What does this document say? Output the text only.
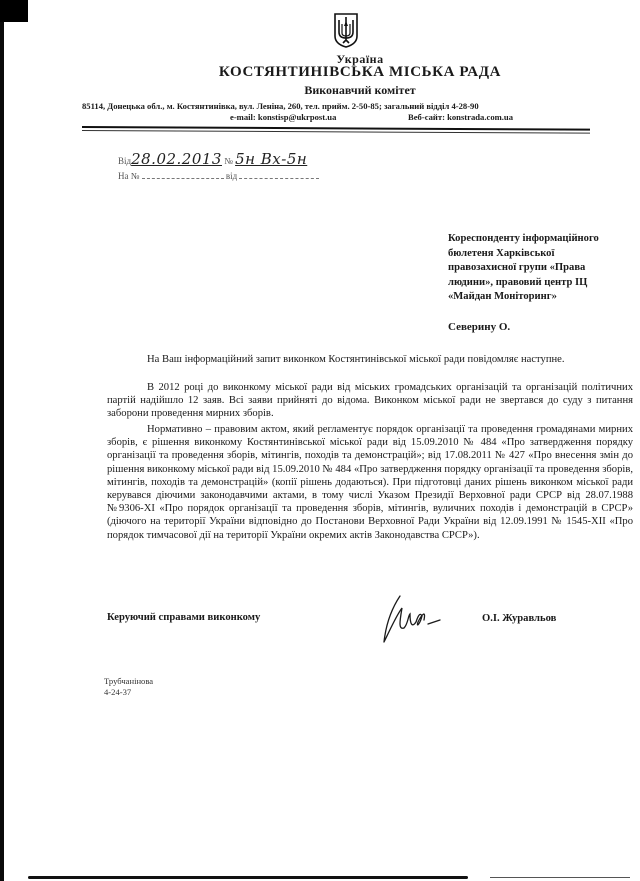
Україна
КОСТЯНТИНІВСЬКА МІСЬКА РАДА
Виконавчий комітет
85114, Донецька обл., м. Костянтинівка, вул. Леніна, 260, тел. прийм. 2-50-85; загальний відділ 4-28-90
e-mail: konstisp@ukrpost.ua	Веб-сайт: konstrada.com.ua
Від28.02.2013 № 5н Вх-5н
На №	від
Кореспонденту інформаційного
бюлетеня Харківської
правозахисної групи «Права
людини», правовий центр ІЦ
«Майдан Моніторинг»
Северину О.

На Ваш інформаційний запит виконком Костянтинівської міської ради повідомляє наступне.

В 2012 році до виконкому міської ради від міських громадських організацій та організацій політичних партій надійшло 12 заяв. Всі заяви прийняті до відома. Виконком міської ради не звертався до суду з питання заборони проведення мирних зборів.

Нормативно – правовим актом, який регламентує порядок організації та проведення громадянами мирних зборів, є рішення виконкому Костянтинівської міської ради від 15.09.2010 № 484 «Про затвердження порядку організації та проведення зборів, мітингів, походів та демонстрацій»; від 17.08.2011 № 427 «Про внесення змін до рішення виконкому міської ради від 15.09.2010 № 484 «Про затвердження порядку організації та проведення зборів, мітингів, походів та демонстрацій» (копії рішень додаються). При підготовці даних рішень виконком міської ради керувався діючими законодавчими актами, в тому числі Указом Президії Верховної ради СРСР від 28.07.1988 №9306-XI «Про порядок організації та проведення зборів, мітингів, вуличних походів і демонстрацій в СРСР» (діючого на території України відповідно до Постанови Верховної Ради України від 12.09.1991 № 1545-XII «Про порядок тимчасової дії на території України окремих актів Законодавства СРСР»).

Керуючий справами виконкому	О.І. Журавльов
Трубчанінова
4-24-37
